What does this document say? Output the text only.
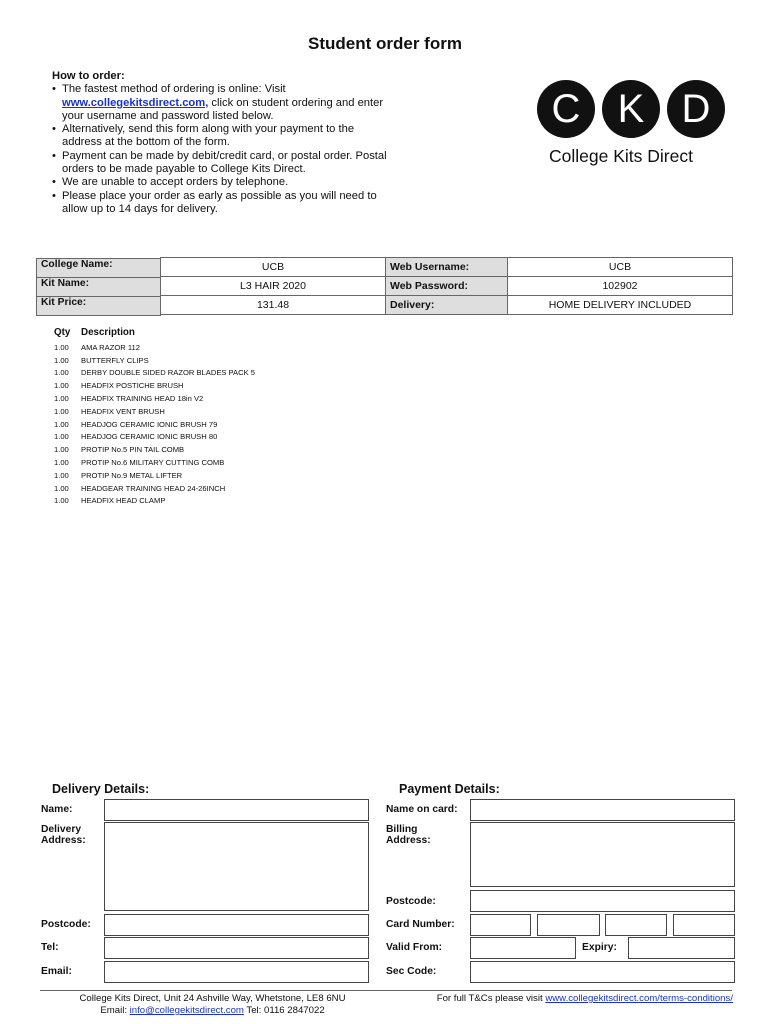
Student order form
How to order:
• The fastest method of ordering is online: Visit
www.collegekitsdirect.com, click on student ordering and enter your username and password listed below.
• Alternatively, send this form along with your payment to the address at the bottom of the form.
• Payment can be made by debit/credit card, or postal order. Postal orders to be made payable to College Kits Direct.
• We are unable to accept orders by telephone.
• Please place your order as early as possible as you will need to allow up to 14 days for delivery.
C K D
College Kits Direct
College Name:	UCB	Web Username:	UCB

Kit Name:	L3 HAIR 2020	Web Password:	102902

Kit Price:	131.48	Delivery:	HOME DELIVERY INCLUDED
Qty	Description
1.00	AMA RAZOR 112
1.00	BUTTERFLY CLIPS
1.00	DERBY DOUBLE SIDED RAZOR BLADES PACK 5
1.00	HEADFIX POSTICHE BRUSH
1.00	HEADFIX TRAINING HEAD 18in V2
1.00	HEADFIX VENT BRUSH
1.00	HEADJOG CERAMIC IONIC BRUSH 79
1.00	HEADJOG CERAMIC IONIC BRUSH 80
1.00	PROTIP No.5 PIN TAIL COMB
1.00	PROTIP No.6 MILITARY CUTTING COMB
1.00	PROTIP No.9 METAL LIFTER
1.00	HEADGEAR TRAINING HEAD 24-26INCH
1.00	HEADFIX HEAD CLAMP
Delivery Details:
Name:
Delivery
Address:
Postcode:
Tel:
Email:
Payment Details:
Name on card:
Billing
Address:
Postcode:
Card Number:
Valid From:	Expiry:
Sec Code:
College Kits Direct, Unit 24 Ashville Way, Whetstone, LE8 6NU
Email: info@collegekitsdirect.com Tel: 0116 2847022
For full T&Cs please visit www.collegekitsdirect.com/terms-conditions/
